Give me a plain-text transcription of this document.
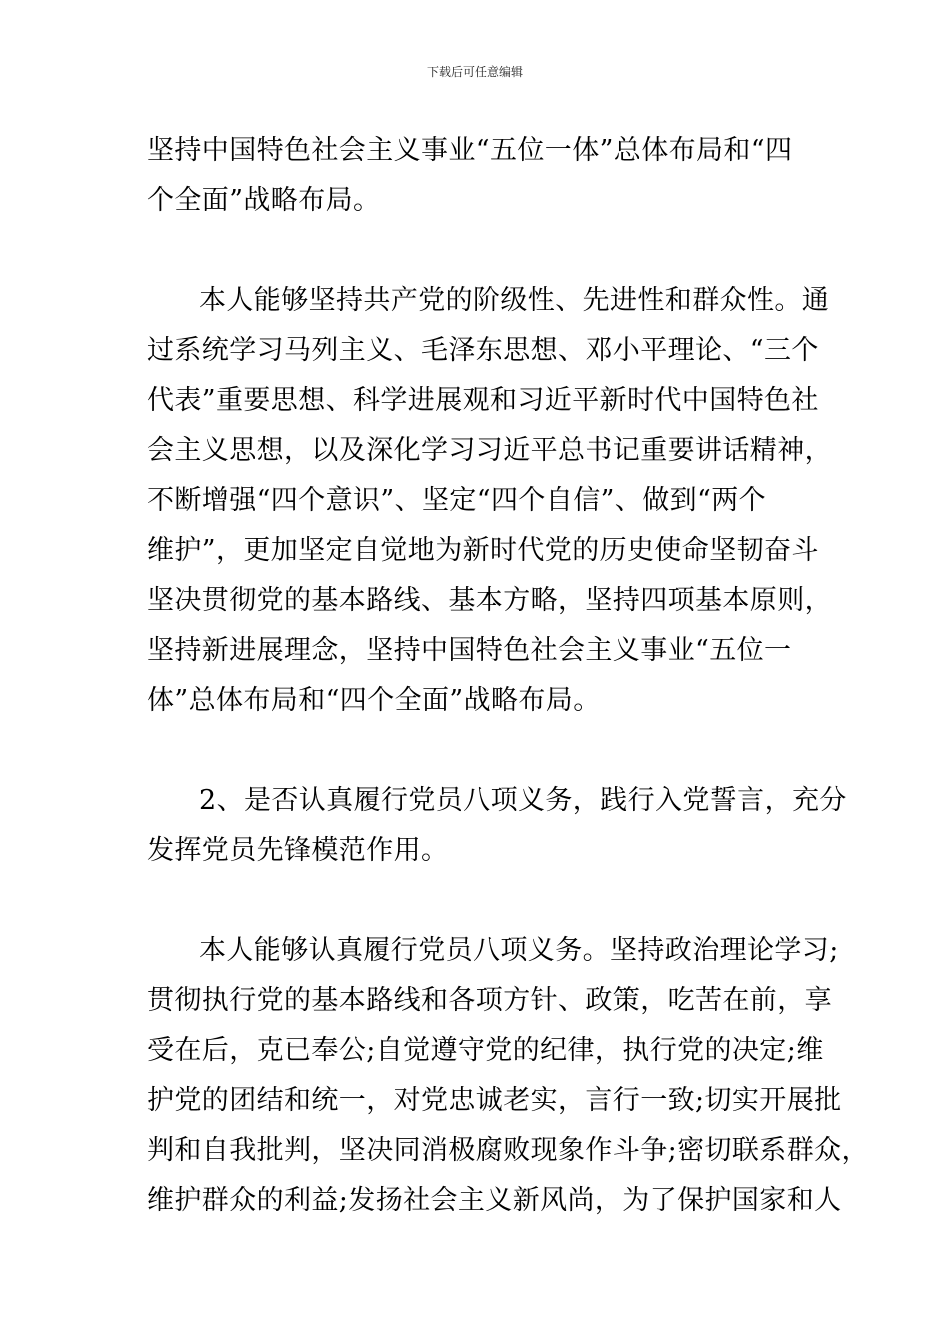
下载后可任意编辑
坚持中国特色社会主义事业“五位一体”总体布局和“四
个全面”战略布局。
本人能够坚持共产党的阶级性、先进性和群众性。通
过系统学习马列主义、毛泽东思想、邓小平理论、“三个
代表”重要思想、科学进展观和习近平新时代中国特色社
会主义思想，以及深化学习习近平总书记重要讲话精神，
不断增强“四个意识”、坚定“四个自信”、做到“两个
维护”，更加坚定自觉地为新时代党的历史使命坚韧奋斗
坚决贯彻党的基本路线、基本方略，坚持四项基本原则，
坚持新进展理念，坚持中国特色社会主义事业“五位一
体”总体布局和“四个全面”战略布局。
2、是否认真履行党员八项义务，践行入党誓言，充分
发挥党员先锋模范作用。
本人能够认真履行党员八项义务。坚持政治理论学习;
贯彻执行党的基本路线和各项方针、政策，吃苦在前，享
受在后，克已奉公;自觉遵守党的纪律，执行党的决定;维
护党的团结和统一，对党忠诚老实，言行一致;切实开展批
判和自我批判，坚决同消极腐败现象作斗争;密切联系群众，
维护群众的利益;发扬社会主义新风尚，为了保护国家和人
